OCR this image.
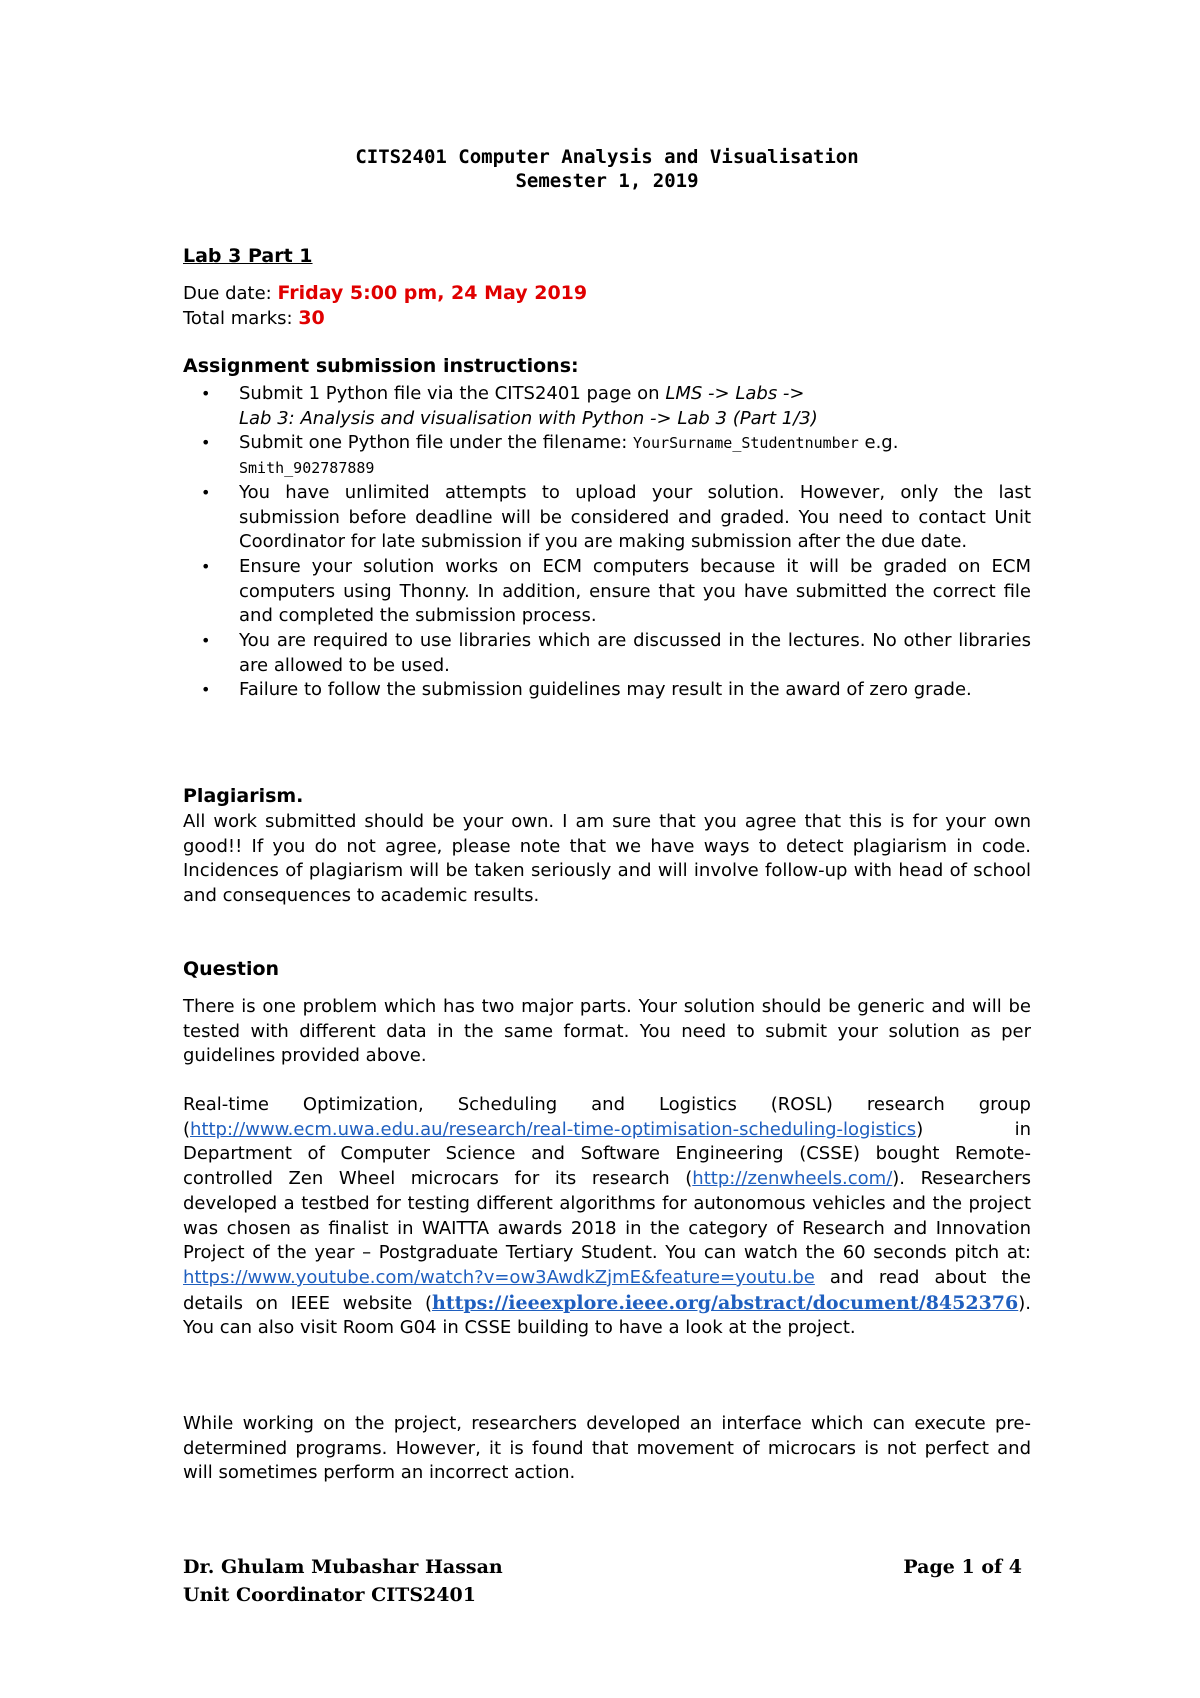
CITS2401 Computer Analysis and Visualisation
Semester 1, 2019
Lab 3 Part 1
Due date: Friday 5:00 pm, 24 May 2019
Total marks: 30
Assignment submission instructions:
• Submit 1 Python file via the CITS2401 page on LMS -> Labs ->
Lab 3: Analysis and visualisation with Python -> Lab 3 (Part 1/3)
• Submit one Python file under the filename: YourSurname_Studentnumber e.g.
Smith_902787889
• You have unlimited attempts to upload your solution. However, only the last submission before deadline will be considered and graded. You need to contact Unit Coordinator for late submission if you are making submission after the due date.
• Ensure your solution works on ECM computers because it will be graded on ECM computers using Thonny. In addition, ensure that you have submitted the correct file and completed the submission process.
• You are required to use libraries which are discussed in the lectures. No other libraries are allowed to be used.
• Failure to follow the submission guidelines may result in the award of zero grade.
Plagiarism.
All work submitted should be your own. I am sure that you agree that this is for your own good!! If you do not agree, please note that we have ways to detect plagiarism in code. Incidences of plagiarism will be taken seriously and will involve follow-up with head of school and consequences to academic results.
Question
There is one problem which has two major parts. Your solution should be generic and will be tested with different data in the same format. You need to submit your solution as per guidelines provided above.
Real-time Optimization, Scheduling and Logistics (ROSL) research group (http://www.ecm.uwa.edu.au/research/real-time-optimisation-scheduling-logistics) in Department of Computer Science and Software Engineering (CSSE) bought Remote-controlled Zen Wheel microcars for its research (http://zenwheels.com/). Researchers developed a testbed for testing different algorithms for autonomous vehicles and the project was chosen as finalist in WAITTA awards 2018 in the category of Research and Innovation Project of the year – Postgraduate Tertiary Student. You can watch the 60 seconds pitch at: https://www.youtube.com/watch?v=ow3AwdkZjmE&feature=youtu.be and read about the details on IEEE website (https://ieeexplore.ieee.org/abstract/document/8452376). You can also visit Room G04 in CSSE building to have a look at the project.
While working on the project, researchers developed an interface which can execute pre-determined programs. However, it is found that movement of microcars is not perfect and will sometimes perform an incorrect action.
Dr. Ghulam Mubashar Hassan
Unit Coordinator CITS2401
Page 1 of 4
